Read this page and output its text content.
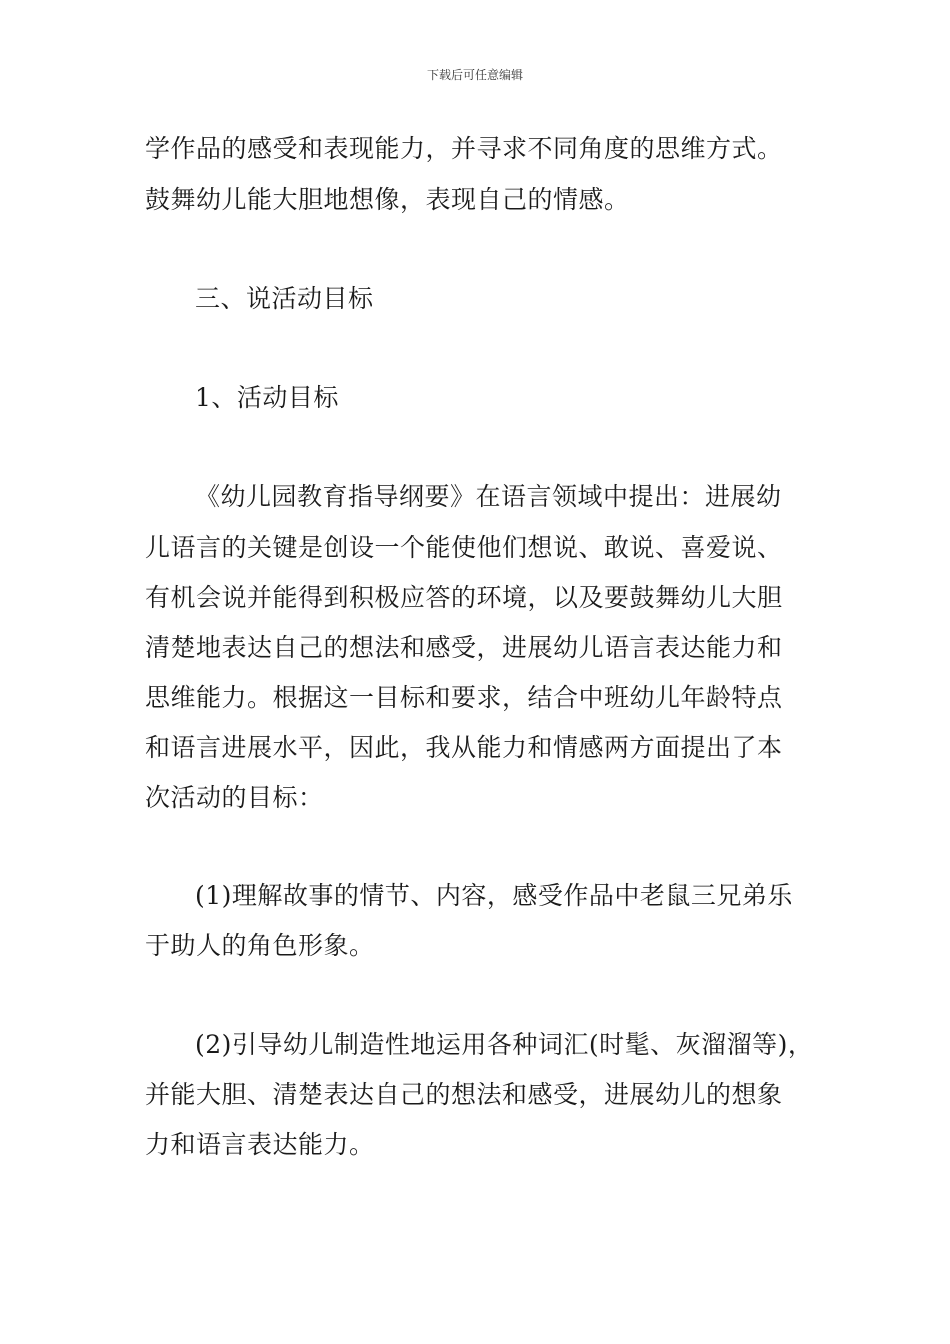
下载后可任意编辑
学作品的感受和表现能力，并寻求不同角度的思维方式。
鼓舞幼儿能大胆地想像，表现自己的情感。
三、说活动目标
1、活动目标
《幼儿园教育指导纲要》在语言领域中提出：进展幼
儿语言的关键是创设一个能使他们想说、敢说、喜爱说、
有机会说并能得到积极应答的环境，以及要鼓舞幼儿大胆
清楚地表达自己的想法和感受，进展幼儿语言表达能力和
思维能力。根据这一目标和要求，结合中班幼儿年龄特点
和语言进展水平，因此，我从能力和情感两方面提出了本
次活动的目标：
(1)理解故事的情节、内容，感受作品中老鼠三兄弟乐
于助人的角色形象。
(2)引导幼儿制造性地运用各种词汇(时髦、灰溜溜等)，
并能大胆、清楚表达自己的想法和感受，进展幼儿的想象
力和语言表达能力。
